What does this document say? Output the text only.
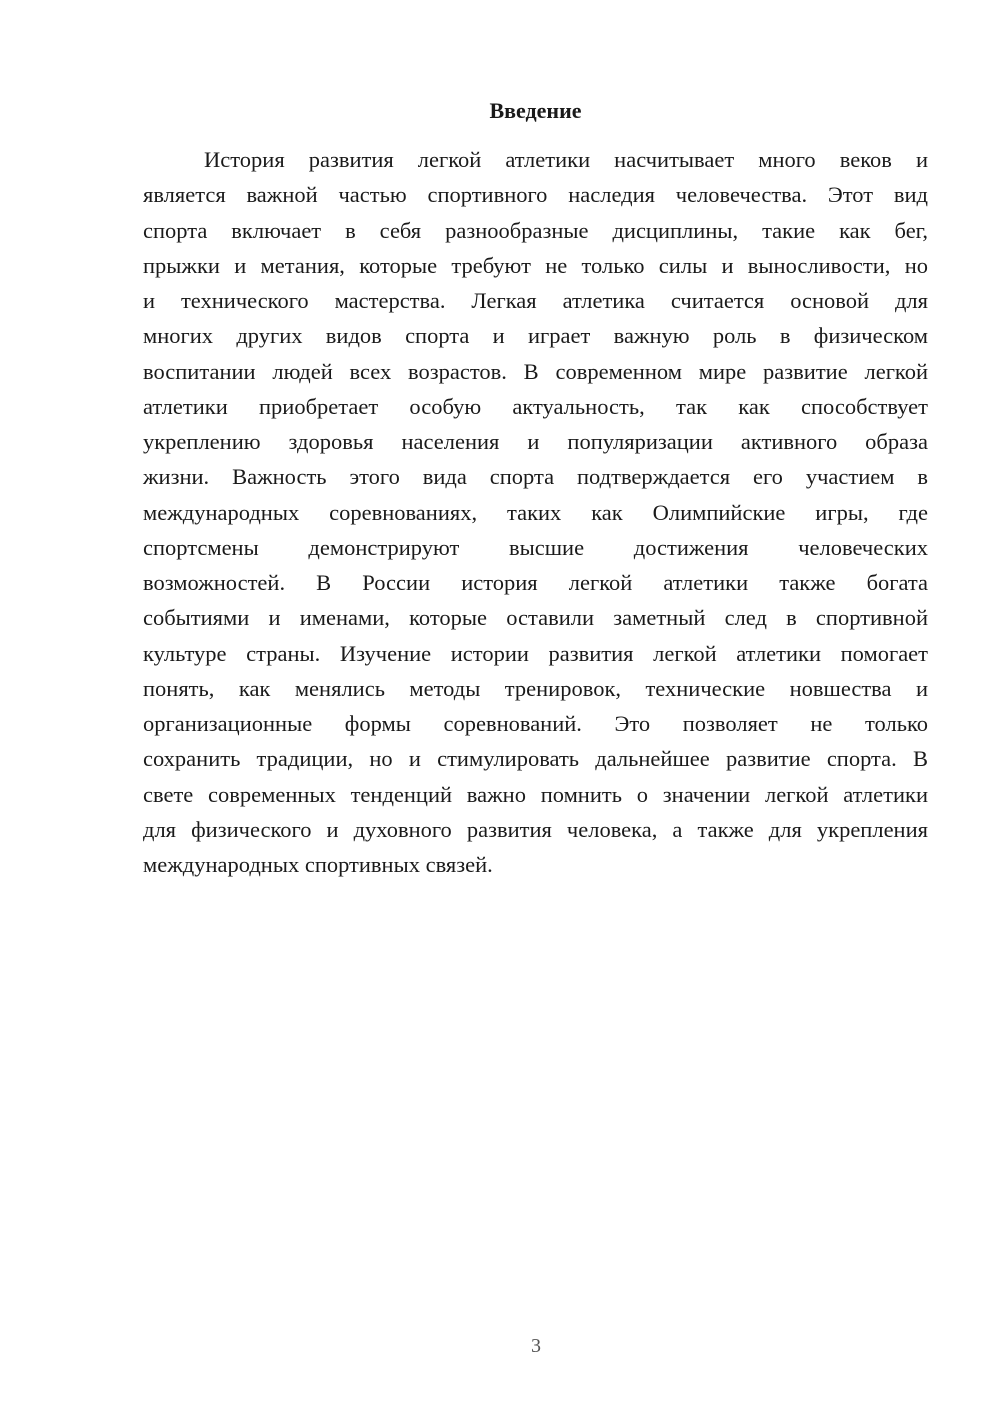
Введение
История развития легкой атлетики насчитывает много веков и
является важной частью спортивного наследия человечества. Этот вид
спорта включает в себя разнообразные дисциплины, такие как бег,
прыжки и метания, которые требуют не только силы и выносливости, но
и технического мастерства. Легкая атлетика считается основой для
многих других видов спорта и играет важную роль в физическом
воспитании людей всех возрастов. В современном мире развитие легкой
атлетики приобретает особую актуальность, так как способствует
укреплению здоровья населения и популяризации активного образа
жизни. Важность этого вида спорта подтверждается его участием в
международных соревнованиях, таких как Олимпийские игры, где
спортсмены демонстрируют высшие достижения человеческих
возможностей. В России история легкой атлетики также богата
событиями и именами, которые оставили заметный след в спортивной
культуре страны. Изучение истории развития легкой атлетики помогает
понять, как менялись методы тренировок, технические новшества и
организационные формы соревнований. Это позволяет не только
сохранить традиции, но и стимулировать дальнейшее развитие спорта. В
свете современных тенденций важно помнить о значении легкой атлетики
для физического и духовного развития человека, а также для укрепления
международных спортивных связей.
3
